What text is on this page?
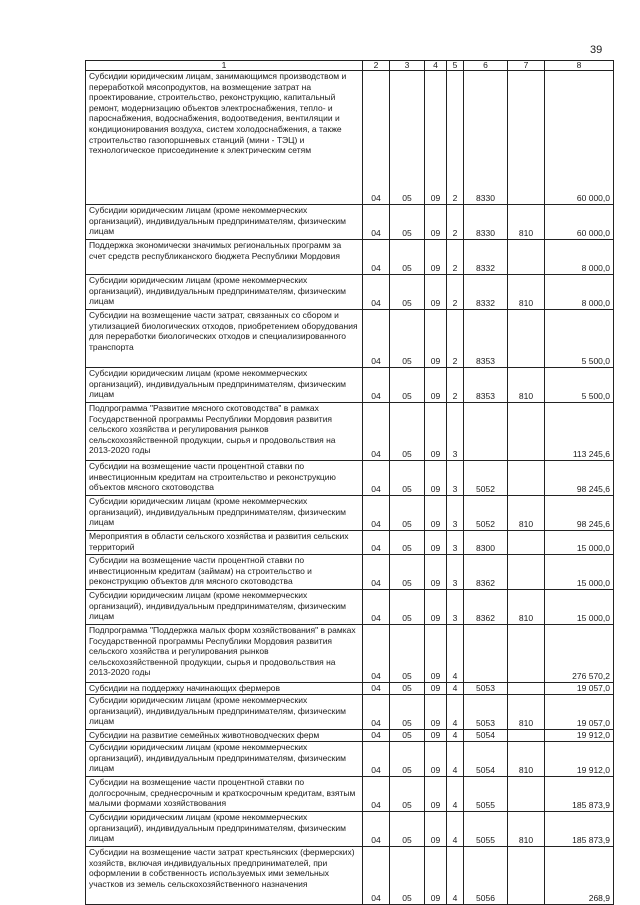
39
1	2	3	4	5	6	7	8
Субсидии юридическим лицам, занимающимся производством и переработкой мясопродуктов, на возмещение затрат на проектирование, строительство, реконструкцию, капитальный ремонт, модернизацию объектов электроснабжения, тепло- и пароснабжения, водоснабжения, водоотведения, вентиляции и кондиционирования воздуха, систем холодоснабжения, а также строительство газопоршневых станций (мини - ТЭЦ) и технологическое присоединение к электрическим сетям	04	05	09	2	8330		60 000,0
Субсидии юридическим лицам (кроме некоммерческих организаций), индивидуальным предпринимателям, физическим лицам	04	05	09	2	8330	810	60 000,0
Поддержка экономически значимых региональных программ за счет средств республиканского бюджета Республики Мордовия	04	05	09	2	8332		8 000,0
Субсидии юридическим лицам (кроме некоммерческих организаций), индивидуальным предпринимателям, физическим лицам	04	05	09	2	8332	810	8 000,0
Субсидии на возмещение части затрат, связанных со сбором и утилизацией биологических отходов, приобретением оборудования для переработки биологических отходов и специализированного транспорта	04	05	09	2	8353		5 500,0
Субсидии юридическим лицам (кроме некоммерческих организаций), индивидуальным предпринимателям, физическим лицам	04	05	09	2	8353	810	5 500,0
Подпрограмма "Развитие мясного скотоводства" в рамках Государственной программы Республики Мордовия развития сельского хозяйства и регулирования рынков сельскохозяйственной продукции, сырья и продовольствия на 2013-2020 годы	04	05	09	3			113 245,6
Субсидии на возмещение части процентной ставки по инвестиционным кредитам на строительство и реконструкцию объектов мясного скотоводства	04	05	09	3	5052		98 245,6
Субсидии юридическим лицам (кроме некоммерческих организаций), индивидуальным предпринимателям, физическим лицам	04	05	09	3	5052	810	98 245,6
Мероприятия в области сельского хозяйства и развития сельских территорий	04	05	09	3	8300		15 000,0
Субсидии на возмещение части процентной ставки по инвестиционным кредитам (займам) на строительство и реконструкцию объектов для мясного скотоводства	04	05	09	3	8362		15 000,0
Субсидии юридическим лицам (кроме некоммерческих организаций), индивидуальным предпринимателям, физическим лицам	04	05	09	3	8362	810	15 000,0
Подпрограмма "Поддержка малых форм хозяйствования" в рамках Государственной программы Республики Мордовия развития сельского хозяйства и регулирования рынков сельскохозяйственной продукции, сырья и продовольствия на 2013-2020 годы	04	05	09	4			276 570,2
Субсидии на поддержку начинающих фермеров	04	05	09	4	5053		19 057,0
Субсидии юридическим лицам (кроме некоммерческих организаций), индивидуальным предпринимателям, физическим лицам	04	05	09	4	5053	810	19 057,0
Субсидии на развитие семейных животноводческих ферм	04	05	09	4	5054		19 912,0
Субсидии юридическим лицам (кроме некоммерческих организаций), индивидуальным предпринимателям, физическим лицам	04	05	09	4	5054	810	19 912,0
Субсидии на возмещение части процентной ставки по долгосрочным, среднесрочным и краткосрочным кредитам, взятым малыми формами хозяйствования	04	05	09	4	5055		185 873,9
Субсидии юридическим лицам (кроме некоммерческих организаций), индивидуальным предпринимателям, физическим лицам	04	05	09	4	5055	810	185 873,9
Субсидии на возмещение части затрат крестьянских (фермерских) хозяйств, включая индивидуальных предпринимателей, при оформлении в собственность используемых ими земельных участков из земель сельскохозяйственного назначения	04	05	09	4	5056		268,9
